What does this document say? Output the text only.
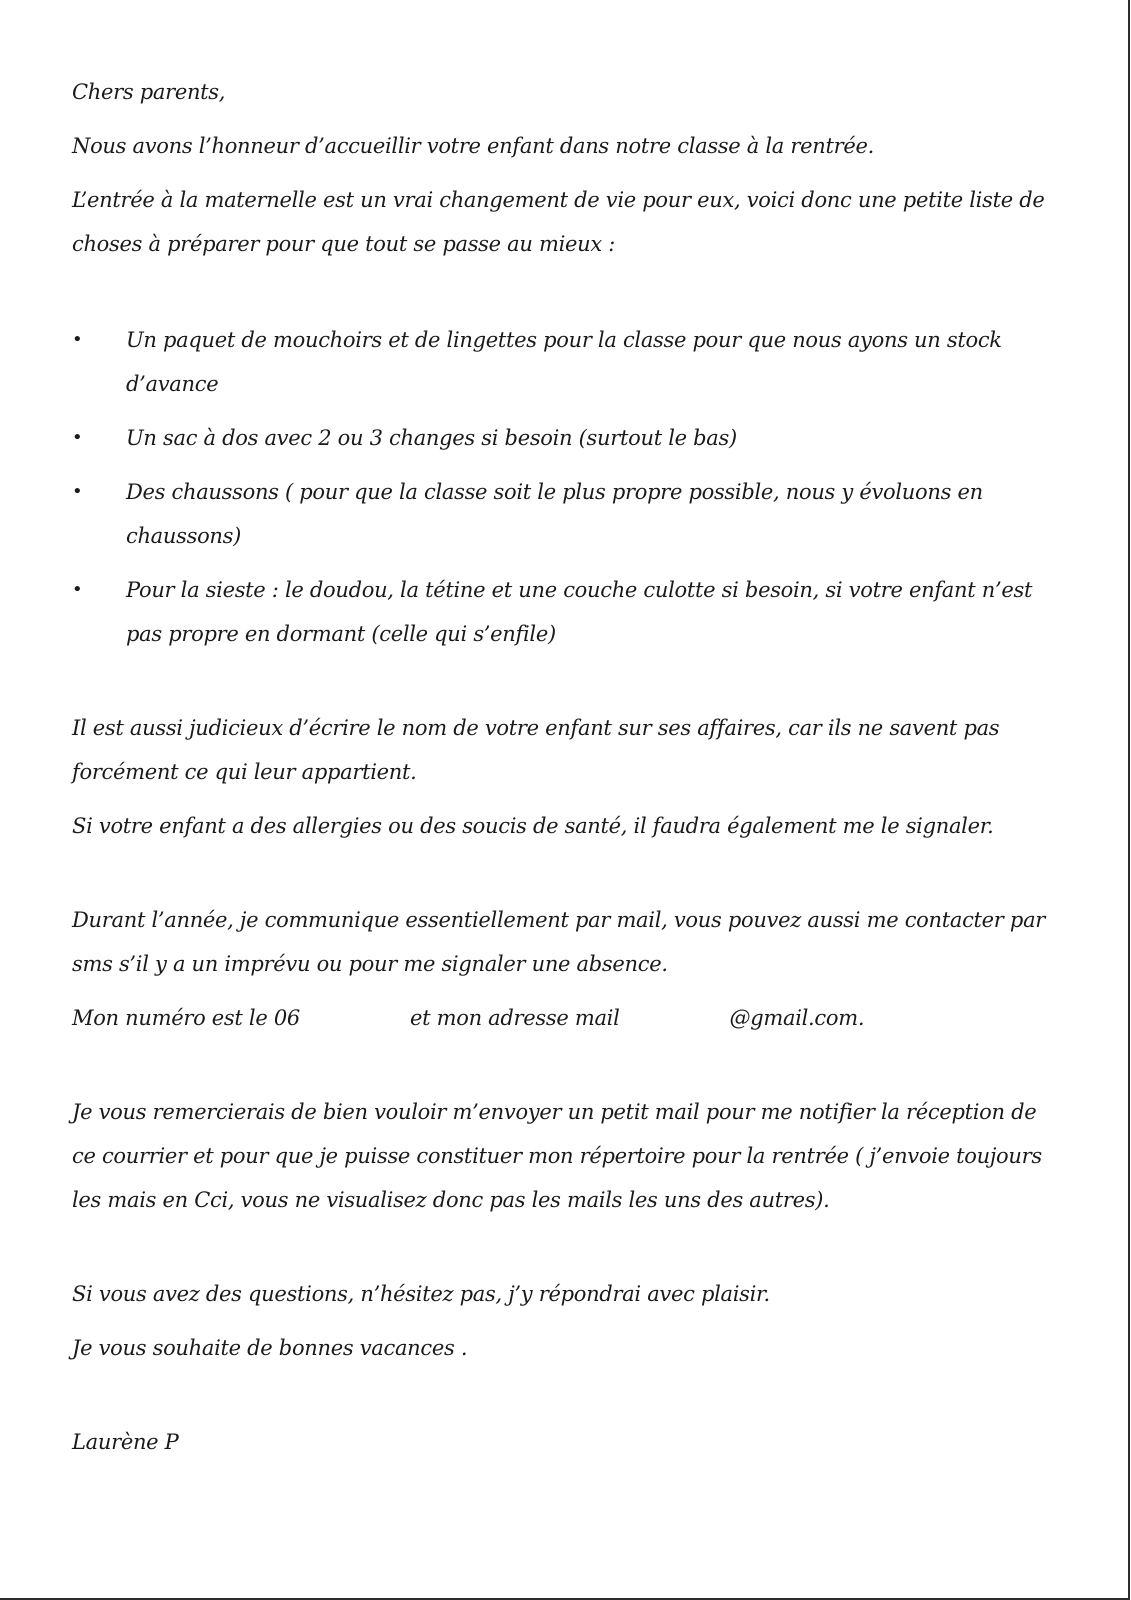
Chers parents,

Nous avons l’honneur d’accueillir votre enfant dans notre classe à la rentrée.

L’entrée à la maternelle est un vrai changement de vie pour eux, voici donc une petite liste de choses à préparer pour que tout se passe au mieux :

• Un paquet de mouchoirs et de lingettes pour la classe pour que nous ayons un stock d’avance
• Un sac à dos avec 2 ou 3 changes si besoin (surtout le bas)
• Des chaussons ( pour que la classe soit le plus propre possible, nous y évoluons en chaussons)
• Pour la sieste : le doudou, la tétine et une couche culotte si besoin, si votre enfant n’est pas propre en dormant (celle qui s’enfile)

Il est aussi judicieux d’écrire le nom de votre enfant sur ses affaires, car ils ne savent pas forcément ce qui leur appartient.

Si votre enfant a des allergies ou des soucis de santé, il faudra également me le signaler.

Durant l’année, je communique essentiellement par mail, vous pouvez aussi me contacter par sms s’il y a un imprévu ou pour me signaler une absence.

Mon numéro est le 06	et mon adresse mail	@gmail.com.

Je vous remercierais de bien vouloir m’envoyer un petit mail pour me notifier la réception de ce courrier et pour que je puisse constituer mon répertoire pour la rentrée ( j’envoie toujours les mais en Cci, vous ne visualisez donc pas les mails les uns des autres).

Si vous avez des questions, n’hésitez pas, j’y répondrai avec plaisir.

Je vous souhaite de bonnes vacances .

Laurène P
